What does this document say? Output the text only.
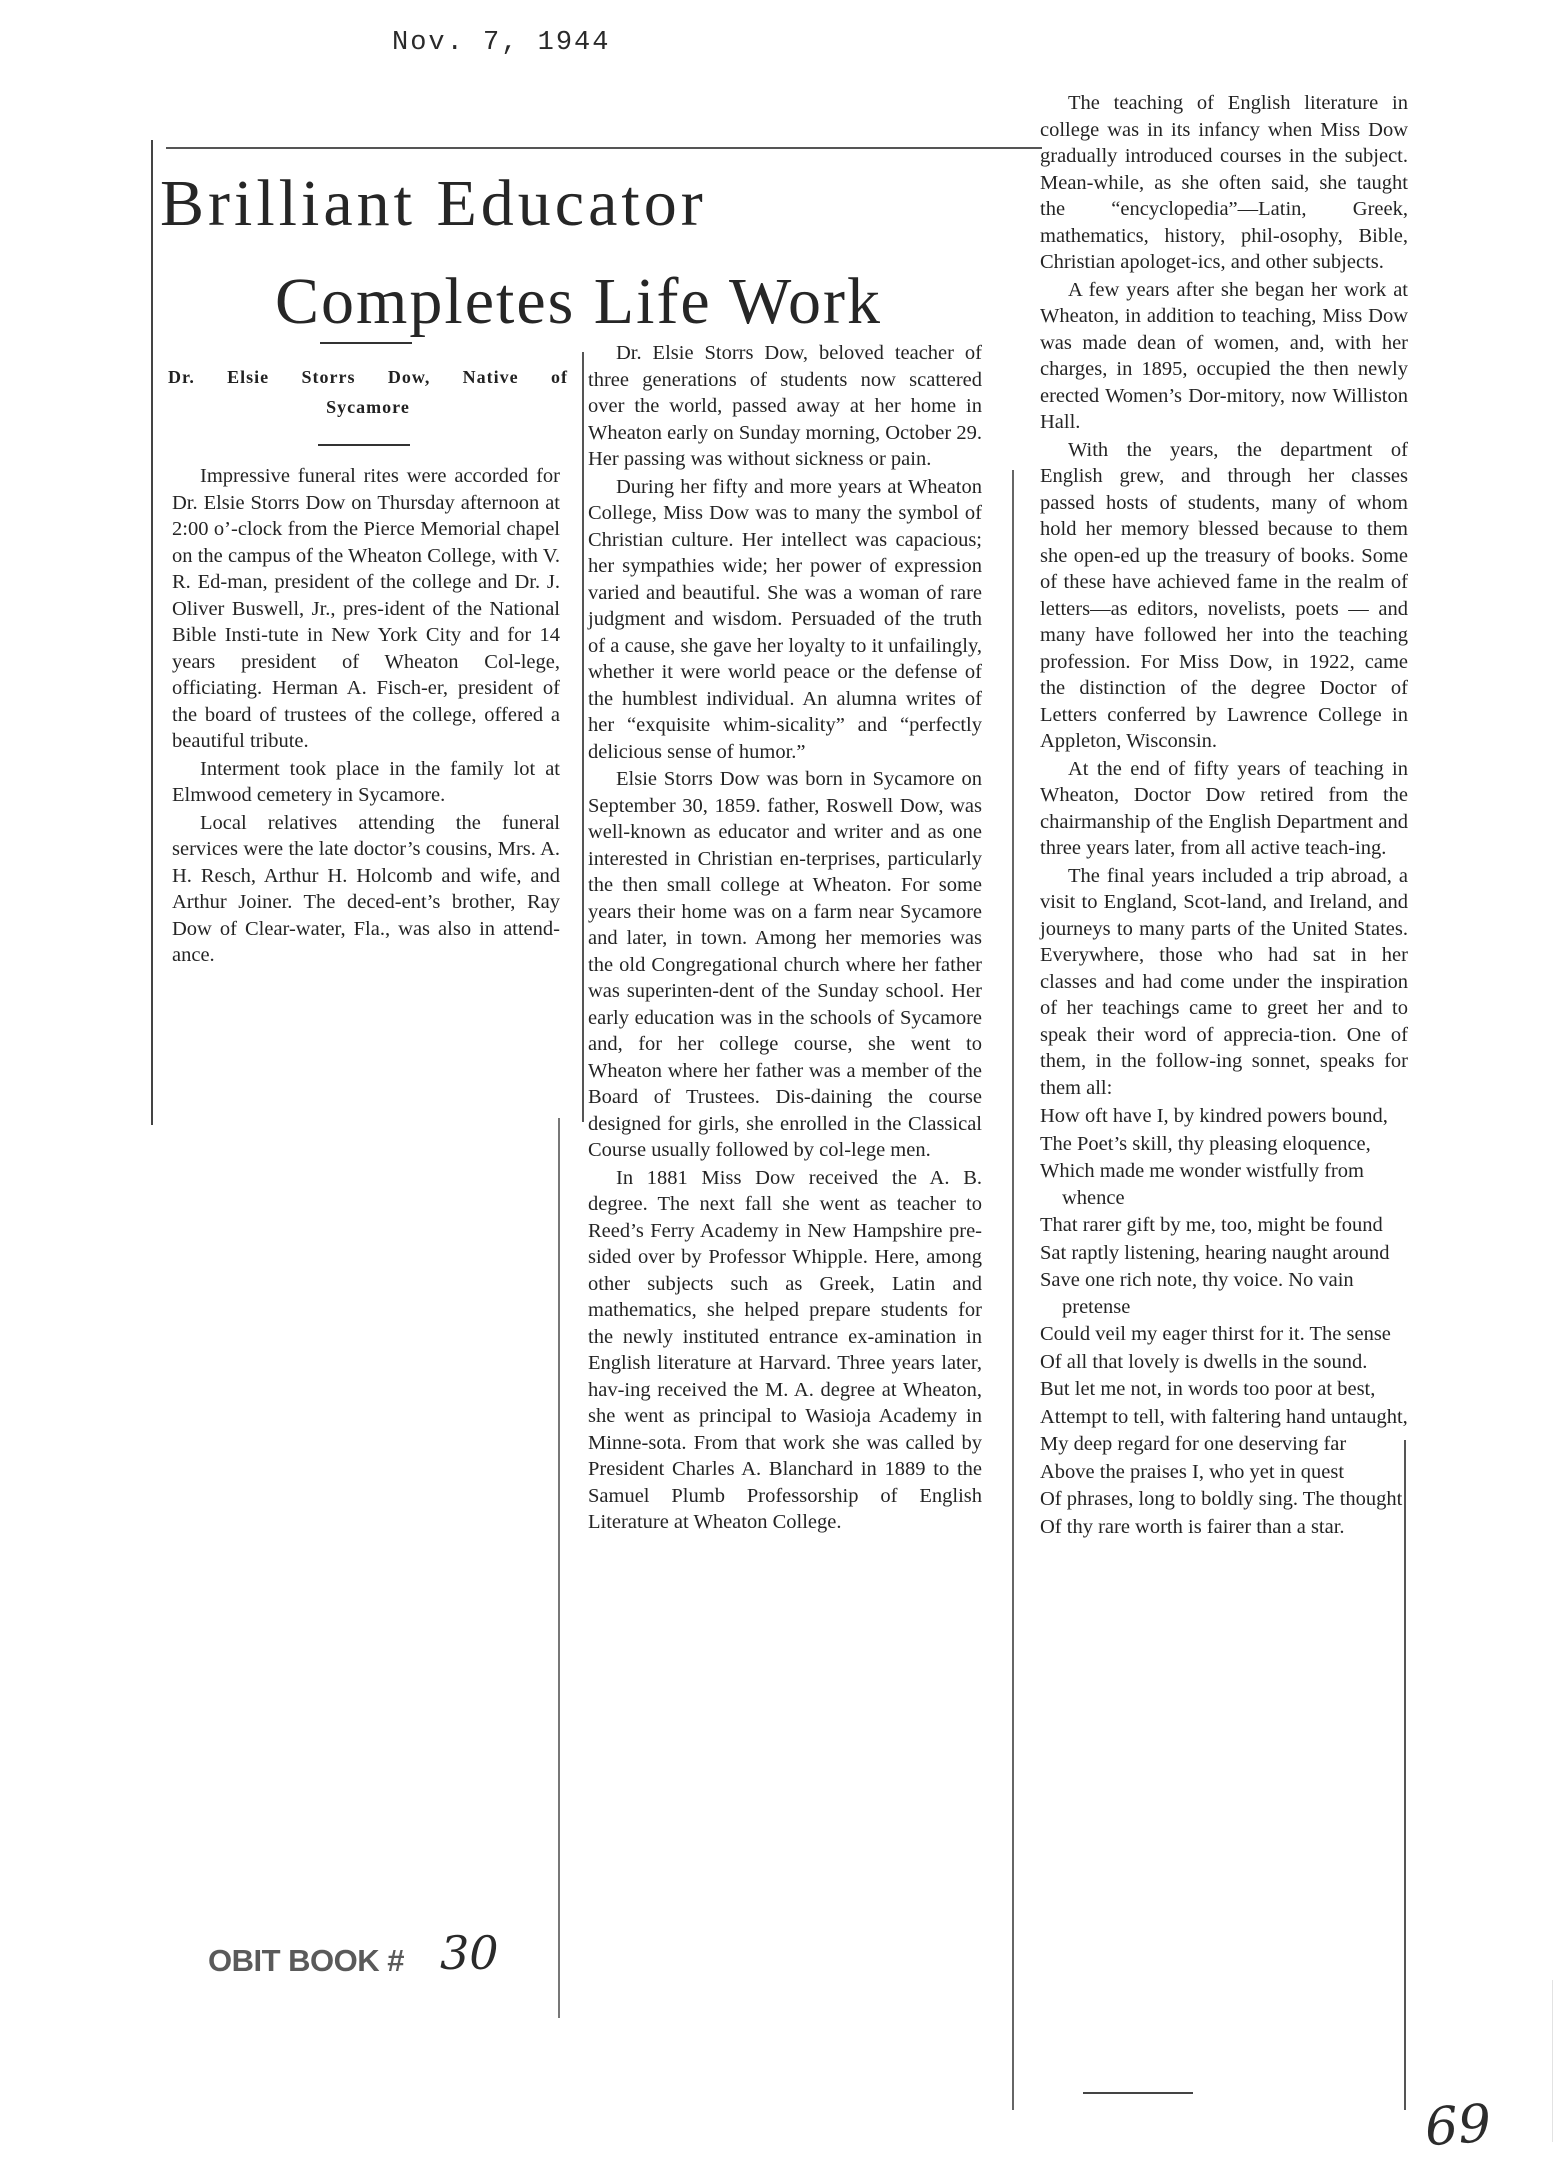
Nov. 7, 1944
Brilliant Educator
Completes Life Work
Dr. Elsie Storrs Dow, Native of
Sycamore

Impressive funeral rites were accorded for Dr. Elsie Storrs Dow on Thursday afternoon at 2:00 o’-clock from the Pierce Memorial chapel on the campus of the Wheaton College, with V. R. Ed-man, president of the college and Dr. J. Oliver Buswell, Jr., pres-ident of the National Bible Insti-tute in New York City and for 14 years president of Wheaton Col-lege, officiating. Herman A. Fisch-er, president of the board of trustees of the college, offered a beautiful tribute.

Interment took place in the family lot at Elmwood cemetery in Sycamore.

Local relatives attending the funeral services were the late doctor’s cousins, Mrs. A. H. Resch, Arthur H. Holcomb and wife, and Arthur Joiner. The deced-ent’s brother, Ray Dow of Clear-water, Fla., was also in attend-ance.

Dr. Elsie Storrs Dow, beloved teacher of three generations of students now scattered over the world, passed away at her home in Wheaton early on Sunday morning, October 29. Her passing was without sickness or pain.

During her fifty and more years at Wheaton College, Miss Dow was to many the symbol of Christian culture. Her intellect was capacious; her sympathies wide; her power of expression varied and beautiful. She was a woman of rare judgment and wisdom. Persuaded of the truth of a cause, she gave her loyalty to it unfailingly, whether it were world peace or the defense of the humblest individual. An alumna writes of her “exquisite whim-sicality” and “perfectly delicious sense of humor.”

Elsie Storrs Dow was born in Sycamore on September 30, 1859. father, Roswell Dow, was well-known as educator and writer and as one interested in Christian en-terprises, particularly the then small college at Wheaton. For some years their home was on a farm near Sycamore and later, in town. Among her memories was the old Congregational church where her father was superinten-dent of the Sunday school. Her early education was in the schools of Sycamore and, for her college course, she went to Wheaton where her father was a member of the Board of Trustees. Dis-daining the course designed for girls, she enrolled in the Classical Course usually followed by col-lege men.

In 1881 Miss Dow received the A. B. degree. The next fall she went as teacher to Reed’s Ferry Academy in New Hampshire pre-sided over by Professor Whipple. Here, among other subjects such as Greek, Latin and mathematics, she helped prepare students for the newly instituted entrance ex-amination in English literature at Harvard. Three years later, hav-ing received the M. A. degree at Wheaton, she went as principal to Wasioja Academy in Minne-sota. From that work she was called by President Charles A. Blanchard in 1889 to the Samuel Plumb Professorship of English Literature at Wheaton College.

The teaching of English literature in college was in its infancy when Miss Dow gradually introduced courses in the subject. Mean-while, as she often said, she taught the “encyclopedia”—Latin, Greek, mathematics, history, phil-osophy, Bible, Christian apologet-ics, and other subjects.

A few years after she began her work at Wheaton, in addition to teaching, Miss Dow was made dean of women, and, with her charges, in 1895, occupied the then newly erected Women’s Dor-mitory, now Williston Hall.

With the years, the department of English grew, and through her classes passed hosts of students, many of whom hold her memory blessed because to them she open-ed up the treasury of books. Some of these have achieved fame in the realm of letters—as editors, novelists, poets — and many have followed her into the teaching profession. For Miss Dow, in 1922, came the distinction of the degree Doctor of Letters conferred by Lawrence College in Appleton, Wisconsin.

At the end of fifty years of teaching in Wheaton, Doctor Dow retired from the chairmanship of the English Department and three years later, from all active teach-ing.

The final years included a trip abroad, a visit to England, Scot-land, and Ireland, and journeys to many parts of the United States. Everywhere, those who had sat in her classes and had come under the inspiration of her teachings came to greet her and to speak their word of apprecia-tion. One of them, in the follow-ing sonnet, speaks for them all:

How oft have I, by kindred powers bound,
The Poet’s skill, thy pleasing eloquence,
Which made me wonder wistfully from whence
That rarer gift by me, too, might be found
Sat raptly listening, hearing naught around
Save one rich note, thy voice. No vain pretense
Could veil my eager thirst for it. The sense
Of all that lovely is dwells in the sound.
But let me not, in words too poor at best,
Attempt to tell, with faltering hand untaught,
My deep regard for one deserving far
Above the praises I, who yet in quest
Of phrases, long to boldly sing. The thought
Of thy rare worth is fairer than a star.
OBIT BOOK # 30
69
